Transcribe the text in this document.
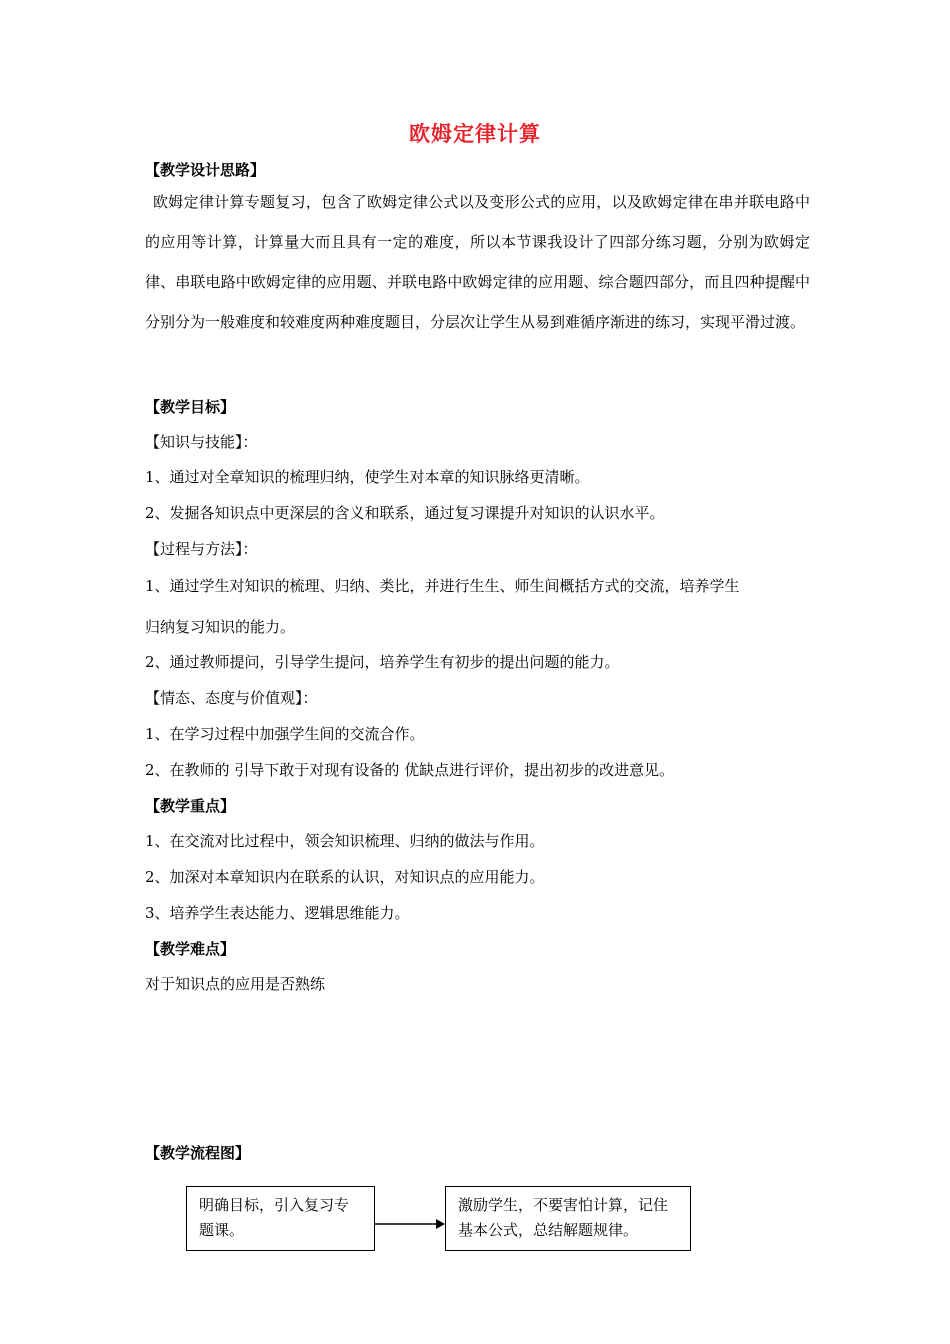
欧姆定律计算
【教学设计思路】
欧姆定律计算专题复习，包含了欧姆定律公式以及变形公式的应用，以及欧姆定律在串并联电路中的应用等计算，计算量大而且具有一定的难度，所以本节课我设计了四部分练习题，分别为欧姆定律、串联电路中欧姆定律的应用题、并联电路中欧姆定律的应用题、综合题四部分，而且四种提醒中分别分为一般难度和较难度两种难度题目，分层次让学生从易到难循序渐进的练习，实现平滑过渡。
【教学目标】
【知识与技能】：
1、通过对全章知识的梳理归纳，使学生对本章的知识脉络更清晰。
2、发掘各知识点中更深层的含义和联系，通过复习课提升对知识的认识水平。
【过程与方法】：
1、通过学生对知识的梳理、归纳、类比，并进行生生、师生间概括方式的交流，培养学生
归纳复习知识的能力。
2、通过教师提问，引导学生提问，培养学生有初步的提出问题的能力。
【情态、态度与价值观】：
1、在学习过程中加强学生间的交流合作。
2、在教师的 引导下敢于对现有设备的 优缺点进行评价，提出初步的改进意见。
【教学重点】
1、在交流对比过程中，领会知识梳理、归纳的做法与作用。
2、加深对本章知识内在联系的认识，对知识点的应用能力。
3、培养学生表达能力、逻辑思维能力。
【教学难点】
对于知识点的应用是否熟练
【教学流程图】
明确目标，引入复习专题课。
激励学生，不要害怕计算，记住基本公式，总结解题规律。
